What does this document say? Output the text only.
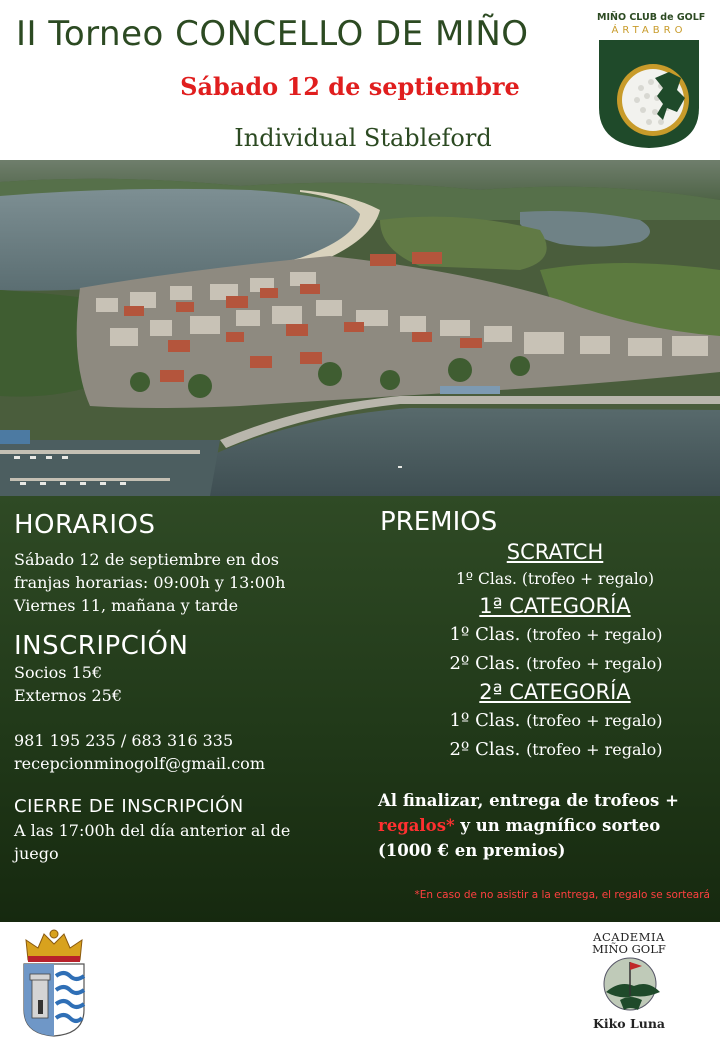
II Torneo CONCELLO DE MIÑO
Sábado 12 de septiembre
Individual Stableford
MIÑO CLUB de GOLF
ÁRTABRO
HORARIOS
Sábado 12 de septiembre en dos
franjas horarias: 09:00h y 13:00h
Viernes 11, mañana y tarde
INSCRIPCIÓN
Socios 15€
Externos 25€
981 195 235 / 683 316 335
recepcionminogolf@gmail.com
CIERRE DE INSCRIPCIÓN
A las 17:00h del día anterior al de
juego
PREMIOS
SCRATCH
1º Clas. (trofeo + regalo)
1ª CATEGORÍA
1º Clas. (trofeo + regalo)
2º Clas. (trofeo + regalo)
2ª CATEGORÍA
1º Clas. (trofeo + regalo)
2º Clas. (trofeo + regalo)
Al finalizar, entrega de trofeos +
regalos* y un magnífico sorteo
(1000 € en premios)
*En caso de no asistir a la entrega, el regalo se sorteará
ACADEMIA
MIÑO GOLF
Kiko Luna
